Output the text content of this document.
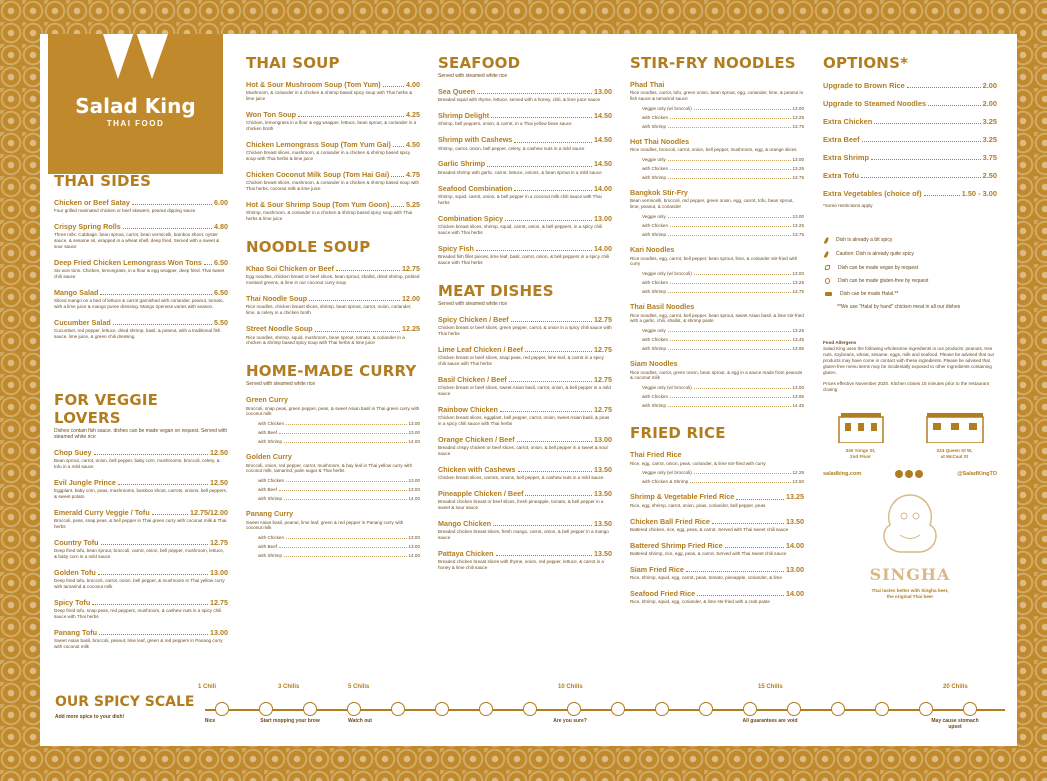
Salad King
THAI FOOD
THAI SIDES
Chicken or Beef Satay	6.00
Four grilled marinated chicken or beef skewers, peanut dipping sauce
Crispy Spring Rolls	4.80
Three rolls. Cabbage, bean sprout, carrot, bean vermicelli, bamboo shoot, oyster sauce, & sesame oil, wrapped in a wheat shell, deep fried. Served with a sweet & sour sauce
Deep Fried Chicken Lemongrass Won Tons 6.50
Six won tons. Chicken, lemongrass, in a flour & egg wrapper, deep fried. Thai sweet chili sauce
Mango Salad	6.50
Sliced mango on a bed of lettuce & carrot garnished with coriander, peanut, tomato, with a lime juice & mango puree dressing. Mango ripeness varies with season.
Cucumber Salad	5.50
Cucumber, red pepper, lettuce, dried shrimp, basil, & peanut, with a traditional fish sauce, lime juice, & green chili dressing
FOR VEGGIE LOVERS
Dishes contain fish sauce. dishes can be made vegan on request. Served with steamed white rice
Chop Suey	12.50
Bean sprout, carrot, onion, bell pepper, baby corn, mushrooms, broccoli, celery, & tofu in a mild sauce
Evil Jungle Prince	12.50
Eggplant, baby corn, peas, mushrooms, bamboo shoot, carrots, onions, bell peppers, & sweet potato
Emerald Curry Veggie / Tofu	12.75/12.00
Broccoli, peas, snap peas, & bell pepper in Thai green curry with coconut milk & Thai herbs
Country Tofu	12.75
Deep fried tofu, bean sprout, broccoli, carrot, onion, bell pepper, mushroom, lettuce, & baby corn in a mild sauce
Golden Tofu	13.00
Deep fried tofu, broccoli, carrot, onion, bell pepper, & mushroom in Thai yellow curry with tamarind & coconut milk
Spicy Tofu	12.75
Deep fried tofu, snap peas, red peppers, mushroom, & cashew nuts in a spicy chili sauce with Thai herbs
Panang Tofu	13.00
Sweet Asian basil, broccoli, peanut, lime leaf, green & red peppers in Panang curry with coconut milk
THAI SOUP
Hot & Sour Mushroom Soup (Tom Yum)	4.00
Mushroom, & coriander in a chicken & shrimp based spicy soup with Thai herbs & lime juice
Won Ton Soup	4.25
Chicken, lemongrass in a flour & egg wrapper, lettuce, bean sprout, & coriander in a chicken broth
Chicken Lemongrass Soup (Tom Yum Gai) 4.50
Chicken breast slices, mushroom, & coriander in a chicken & shrimp based spicy soup with Thai herbs & lime juice
Chicken Coconut Milk Soup (Tom Hai Gai) 4.75
Chicken breast slices, mushroom, & coriander in a chicken & shrimp based soup with Thai herbs, coconut milk & lime juice
Hot & Sour Shrimp Soup (Tom Yum Goon) 5.25
Shrimp, mushroom, & coriander in a chicken & shrimp based spicy soup with Thai herbs & lime juice
NOODLE SOUP
Khao Soi Chicken or Beef	12.75
Egg noodles, chicken breast or beef slices, bean sprout, shallot, dried shrimp, pickled mustard greens, & lime in our coconut curry soup
Thai Noodle Soup	12.00
Rice noodles, chicken breast slices, shrimp, bean sprout, carrot, onion, coriander, lime, & celery in a chicken broth
Street Noodle Soup	12.25
Rice noodles, shrimp, squid, mushroom, bean sprout, tomato, & coriander in a chicken & shrimp based spicy soup with Thai herbs & lime juice
HOME-MADE CURRY
Served with steamed white rice
Green Curry
Broccoli, snap peas, green pepper, peas, & sweet Asian basil in Thai green curry with coconut milk
with Chicken	13.00
with Beef	13.00
with Shrimp	14.00
Golden Curry
Broccoli, onion, red pepper, carrot, mushroom, & bay leaf in Thai yellow curry with coconut milk, tamarind, palm sugar & Thai herbs
with Chicken	13.00
with Beef	13.00
with Shrimp	14.00
Panang Curry
Sweet Asian basil, peanut, lime leaf, green & red pepper in Panang curry with coconut milk
with Chicken	13.00
with Beef	13.00
with Shrimp	14.00
SEAFOOD
Served with steamed white rice
Sea Queen	13.00
Breaded squid with thyme, lettuce, served with a honey, chili, & lime juice sauce
Shrimp Delight	14.50
Shrimp, bell peppers, onion, & carrot, in a Thai yellow bean sauce
Shrimp with Cashews	14.50
Shrimp, carrot, onion, bell pepper, celery, & cashew nuts in a mild sauce
Garlic Shrimp	14.50
Breaded shrimp with garlic, carrot, lettuce, onions, & bean sprout in a mild sauce
Seafood Combination	14.00
Shrimp, squid, carrot, onion, & bell pepper in a coconut milk chili sauce with Thai herbs
Combination Spicy	13.00
Chicken breast slices, shrimp, squid, carrot, onion, & bell peppers, in a spicy chili sauce with Thai herbs
Spicy Fish	14.00
Breaded fish fillet pieces, lime leaf, basil, carrot, onion, & bell peppers in a spicy chili sauce with Thai herbs
MEAT DISHES
Served with steamed white rice
Spicy Chicken / Beef	12.75
Chicken breast or beef slices, green pepper, carrot, & onion in a spicy chili sauce with Thai herbs
Lime Leaf Chicken / Beef	12.75
Chicken breast or beef slices, snap peas, red pepper, lime leaf, & carrot in a spicy chili sauce with Thai herbs
Basil Chicken / Beef	12.75
Chicken breast or beef slices, sweet Asian basil, carrot, onion, & bell pepper in a mild sauce
Rainbow Chicken	12.75
Chicken breast slices, eggplant, bell pepper, carrot, onion, sweet Asian basil, & peas in a spicy chili sauce with Thai herbs
Orange Chicken / Beef	13.00
Breaded crispy chicken or beef slices, carrot, onion, & bell pepper in a sweet & sour sauce
Chicken with Cashews	13.50
Chicken breast slices, carrots, onions, bell pepper, & cashew nuts in a mild sauce
Pineapple Chicken / Beef	13.50
Breaded chicken breast or beef slices, fresh pineapple, tomato, & bell pepper in a sweet & sour sauce
Mango Chicken	13.50
Breaded chicken breast slices, fresh mango, carrot, onion, & bell pepper in a mango sauce
Pattaya Chicken	13.50
Breaded chicken breast slices with thyme, onion, red pepper, lettuce, & carrot in a honey & lime chili sauce
STIR-FRY NOODLES
Phad Thai
Rice noodles, carrot, tofu, green onion, bean sprout, egg, coriander, lime, & peanut in fish sauce & tamarind sauce
Veggie only (w/ broccoli)	13.00
with Chicken	13.25
with Shrimp	13.75
Hot Thai Noodles
Rice noodles, broccoli, carrot, onion, bell pepper, mushroom, egg, & orange slices
Veggie only	13.00
with Chicken	13.25
with Shrimp	13.75
Bangkok Stir-Fry
Bean vermicelli, broccoli, red pepper, green onion, egg, carrot, tofu, bean sprout, lime, peanut, & coriander
Veggie only	13.00
with Chicken	13.25
with Shrimp	13.75
Kari Noodles
Rice noodles, egg, carrot, bell pepper, bean sprout, lime, & coriander stir-fried with curry
Veggie only (w/ broccoli)	13.00
with Chicken	13.25
with Shrimp	13.75
Thai Basil Noodles
Rice noodles, egg, carrot, bell pepper, bean sprout, sweet Asian basil, & lime stir-fried with a garlic, chili, shallot, & shrimp paste
Veggie only	13.25
with Chicken	13.45
with Shrimp	13.95
Siam Noodles
Rice noodles, carrot, green onion, bean sprout, & egg in a sauce made from peanuts & coconut milk
Veggie only (w/ broccoli)	13.00
with Chicken	13.95
with Shrimp	14.45
FRIED RICE
Thai Fried Rice
Rice, egg, carrot, onion, peas, coriander, & lime stir-fried with curry
Veggie only (w/ broccoli)	12.25
with Chicken & Shrimp	13.50
Shrimp & Vegetable Fried Rice	13.25
Rice, egg, shrimp, carrot, onion, peas, coriander, bell pepper, peas
Chicken Ball Fried Rice	13.50
Battered chicken, rice, egg, peas, & carrot. Served with Thai sweet chili sauce
Battered Shrimp Fried Rice	14.00
Battered shrimp, rice, egg, peas, & carrot. Served with Thai sweet chili sauce
Siam Fried Rice	13.00
Rice, shrimp, squid, egg, carrot, peas, tomato, pineapple, coriander, & lime
Seafood Fried Rice	14.00
Rice, shrimp, squid, egg, coriander, & lime stir-fried with a crab paste
OPTIONS*
Upgrade to Brown Rice	2.00
Upgrade to Steamed Noodles	2.00
Extra Chicken	3.25
Extra Beef	3.25
Extra Shrimp	3.75
Extra Tofu	2.50
Extra Vegetables (choice of)	1.50 - 3.00
*Some restrictions apply
Dish is already a bit spicy
Caution: Dish is already quite spicy
Dish can be made vegan by request
Dish can be made gluten-free by request
Dish can be made Halal.**
**We use "Halal by hand" chicken meat in all our dishes
Food Allergens
Salad King uses the following wholesome ingredients in our products: peanuts, tree nuts, soybeans, wheat, sesame, eggs, milk and seafood. Please be advised that our products may have come in contact with these ingredients. Please be advised that gluten-free menu items may be incidentally exposed to other ingredients containing gluten.
Prices effective November 2020. Kitchen closes 15 minutes prior to the restaurant closing
340 Yonge St,
2nd Floor
224 Queen St W,
at McCaul St
saladking.com	@SaladKingTO
SINGHA
Thai tastes better with Singha beer,
the original Thai beer
OUR SPICY SCALE
Add more spice to your dish!
1 Chili
Nice
3 Chilis
Start mopping your brow
5 Chilis
Watch out
10 Chilis
Are you sure?
15 Chilis
All guarantees are void
20 Chilis
May cause stomach upset
